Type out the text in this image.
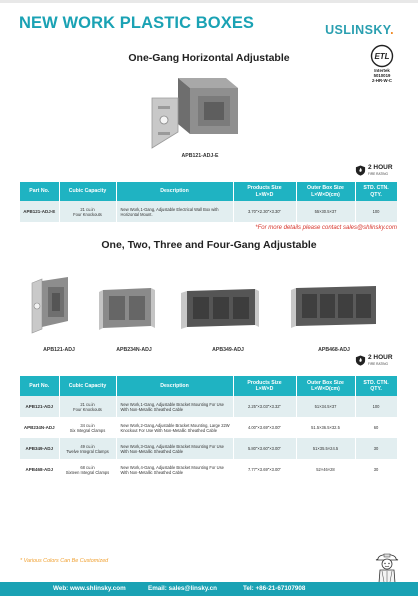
NEW WORK PLASTIC BOXES	USLINSKY.
One-Gang Horizontal Adjustable	ETL
Intertek
5010019
2-HR-W-C
APB121-ADJ-E
2 HOUR
FIRE RATING
Part No.	Cubic Capacity	Description	Products Size
L×W×D	Outer Box Size
L×W×D(cm)	STD. CTN.
QTY.
APB121-ADJ-E	21 cu.in
Four Knockouts	New Work,1-Gang, Adjustable Electrical Wall Box with
Horizontal Mount.	3.70"×2.30"×3.30"	55×30.5×37	100
*For more details please contact sales@shlinsky.com
One, Two, Three and Four-Gang Adjustable
APB121-ADJ	APB234N-ADJ	APB349-ADJ	APB468-ADJ
2 HOUR
FIRE RATING
Part No.	Cubic Capacity	Description	Products Size
L×W×D	Outer Box Size
L×W×D(cm)	STD. CTN.
QTY.
APB121-ADJ	21 cu.in
Four Knockouts	New Work,1-Gang, Adjustable Bracket Mounting For Use
With Non-Metallic Sheathed Cable	2.25"×3.03"×3.32"	51×34.5×37	100
APB234N-ADJ	34 cu.in
Six Integral Clamps	New Work,2-Gang,Adjustable Bracket Mounting, Large 22W
Knockout For Use With Non-Metallic Sheathed Cable	4.00"×3.69"×3.00"	51.5×36.5×32.5	60
APB349-ADJ	49 cu.in
Twelve Integral Clamps	New Work,3-Gang, Adjustable Bracket Mounting For Use
With Non-Metallic Sheathed Cable	5.80"×3.60"×3.00"	51×35.5×24.5	30
APB468-ADJ	68 cu.in
Sixteen Integral Clamps	New Work,4-Gang, Adjustable Bracket Mounting For Use
With Non-Metallic Sheathed Cable	7.77"×3.69"×3.00"	52×46×28	30
* Various Colors Can Be Customized
Web: www.shlinsky.com	Email: sales@linsky.cn	Tel: +86-21-67107908
